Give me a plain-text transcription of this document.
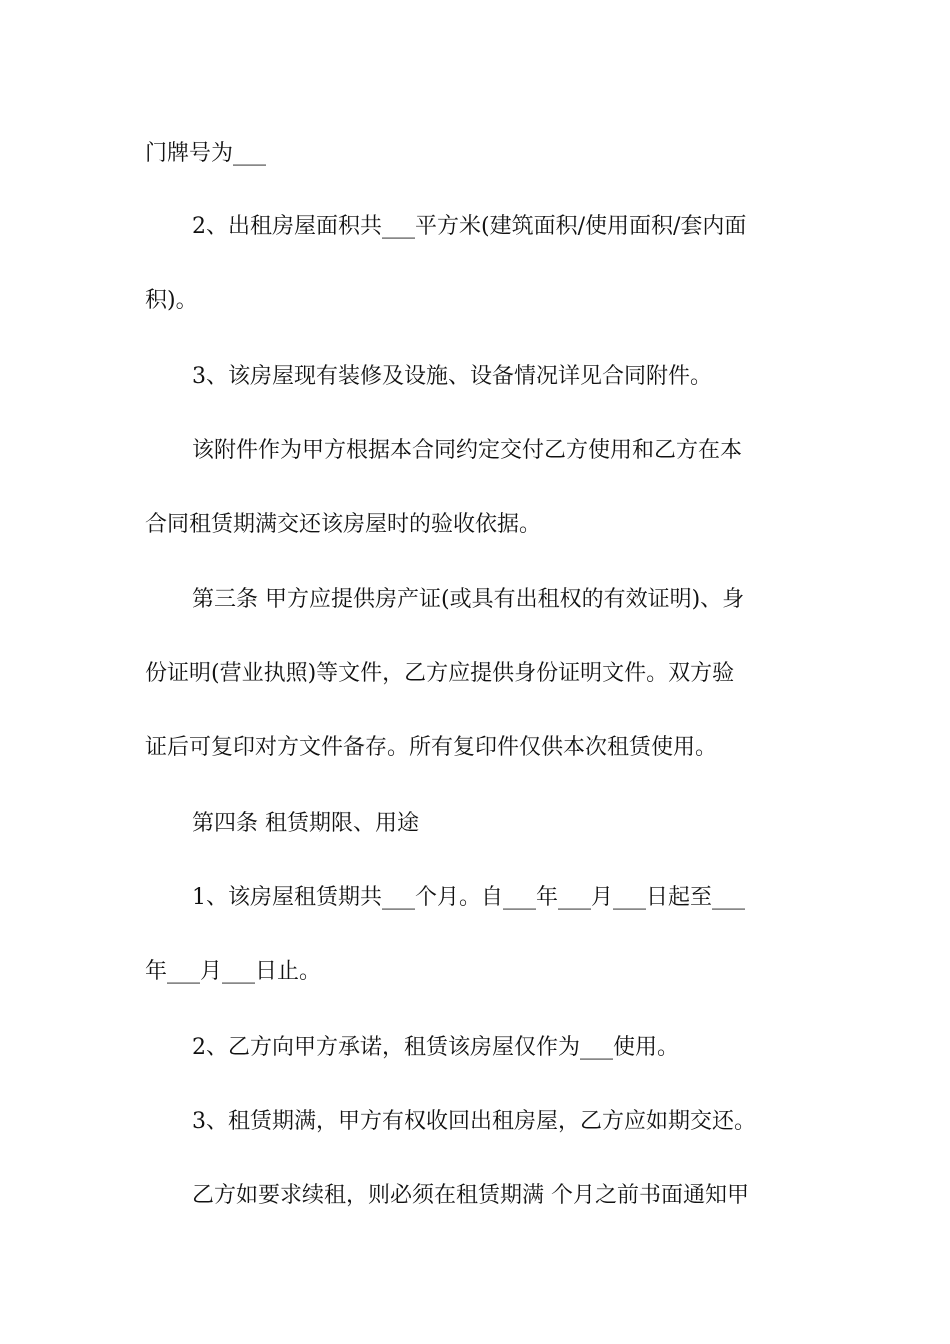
门牌号为___
2、出租房屋面积共___平方米(建筑面积/使用面积/套内面
积)。
3、该房屋现有装修及设施、设备情况详见合同附件。
该附件作为甲方根据本合同约定交付乙方使用和乙方在本
合同租赁期满交还该房屋时的验收依据。
第三条 甲方应提供房产证(或具有出租权的有效证明)、身
份证明(营业执照)等文件，乙方应提供身份证明文件。双方验
证后可复印对方文件备存。所有复印件仅供本次租赁使用。
第四条 租赁期限、用途
1、该房屋租赁期共___个月。自___年___月___日起至___
年___月___日止。
2、乙方向甲方承诺，租赁该房屋仅作为___使用。
3、租赁期满，甲方有权收回出租房屋，乙方应如期交还。
乙方如要求续租，则必须在租赁期满 个月之前书面通知甲
